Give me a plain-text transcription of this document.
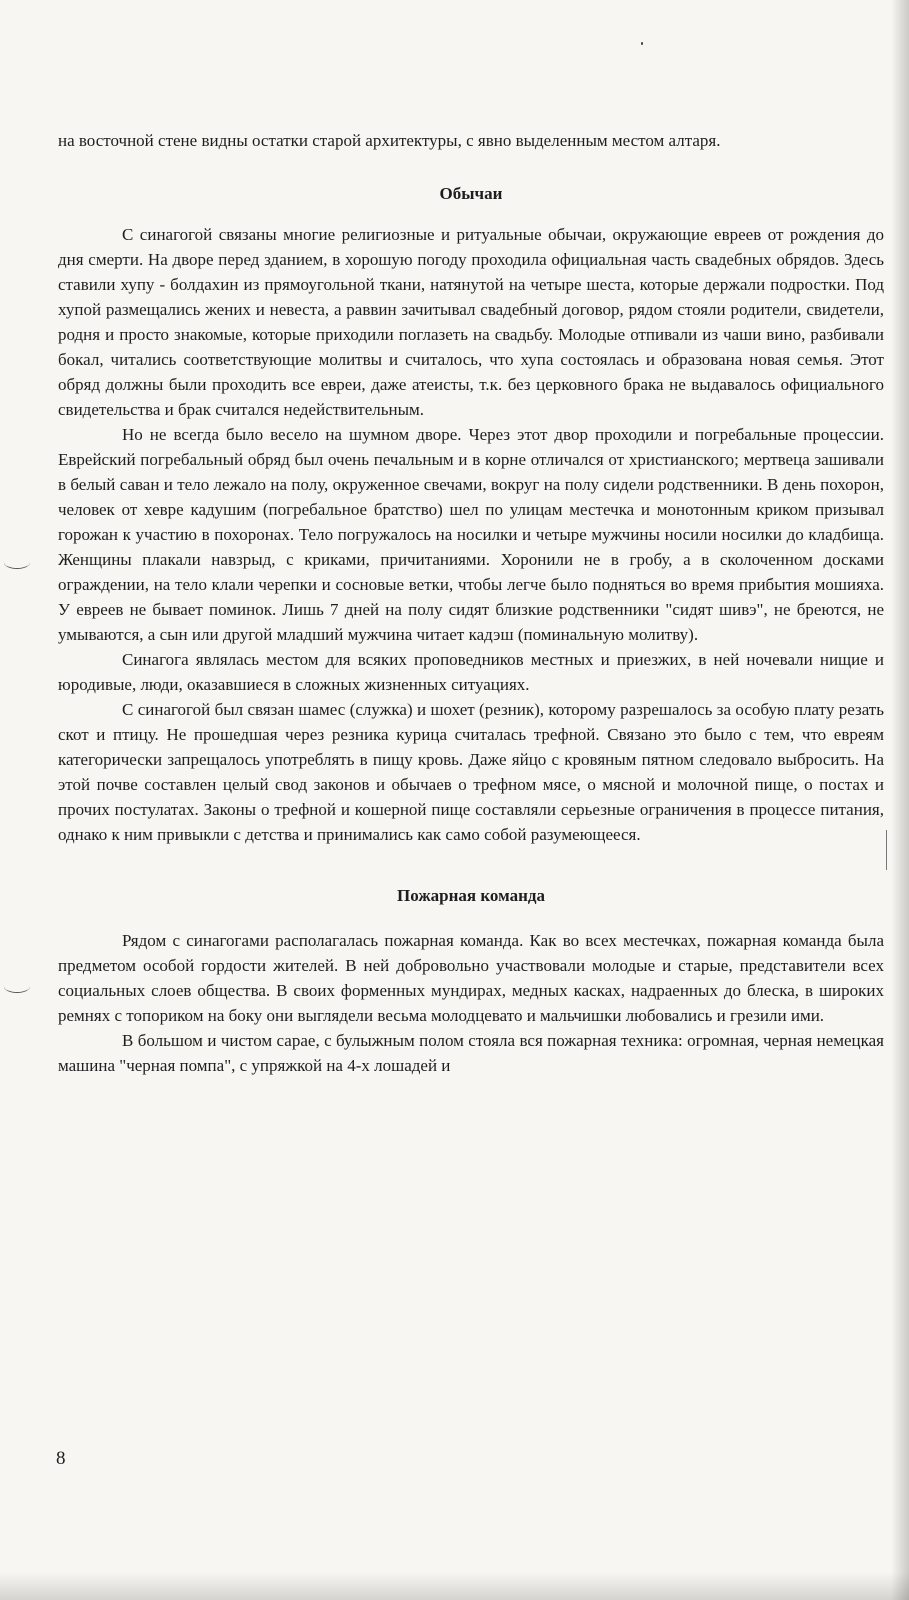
на восточной стене видны остатки старой архитектуры, с явно выделенным местом алтаря.

Обычаи

С синагогой связаны многие религиозные и ритуальные обычаи, окружающие евреев от рождения до дня смерти. На дворе перед зданием, в хорошую погоду проходила официальная часть свадебных обрядов. Здесь ставили хупу - болдахин из прямоугольной ткани, натянутой на четыре шеста, которые держали подростки. Под хупой размещались жених и невеста, а раввин зачитывал свадебный договор, рядом стояли родители, свидетели, родня и просто знакомые, которые приходили поглазеть на свадьбу. Молодые отпивали из чаши вино, разбивали бокал, читались соответствующие молитвы и считалось, что хупа состоялась и образована новая семья. Этот обряд должны были проходить все евреи, даже атеисты, т.к. без церковного брака не выдавалось официального свидетельства и брак считался недействительным.

Но не всегда было весело на шумном дворе. Через этот двор проходили и погребальные процессии. Еврейский погребальный обряд был очень печальным и в корне отличался от христианского; мертвеца зашивали в белый саван и тело лежало на полу, окруженное свечами, вокруг на полу сидели родственники. В день похорон, человек от хевре кадушим (погребальное братство) шел по улицам местечка и монотонным криком призывал горожан к участию в похоронах. Тело погружалось на носилки и четыре мужчины носили носилки до кладбища. Женщины плакали навзрыд, с криками, причитаниями. Хоронили не в гробу, а в сколоченном досками ограждении, на тело клали черепки и сосновые ветки, чтобы легче было подняться во время прибытия мошияха. У евреев не бывает поминок. Лишь 7 дней на полу сидят близкие родственники "сидят шивэ", не бреются, не умываются, а сын или другой младший мужчина читает кадэш (поминальную молитву).

Синагога являлась местом для всяких проповедников местных и приезжих, в ней ночевали нищие и юродивые, люди, оказавшиеся в сложных жизненных ситуациях.

С синагогой был связан шамес (служка) и шохет (резник), которому разрешалось за особую плату резать скот и птицу. Не прошедшая через резника курица считалась трефной. Связано это было с тем, что евреям категорически запрещалось употреблять в пищу кровь. Даже яйцо с кровяным пятном следовало выбросить. На этой почве составлен целый свод законов и обычаев о трефном мясе, о мясной и молочной пище, о постах и прочих постулатах. Законы о трефной и кошерной пище составляли серьезные ограничения в процессе питания, однако к ним привыкли с детства и принимались как само собой разумеющееся.

Пожарная команда

Рядом с синагогами располагалась пожарная команда. Как во всех местечках, пожарная команда была предметом особой гордости жителей. В ней добровольно участвовали молодые и старые, представители всех социальных слоев общества. В своих форменных мундирах, медных касках, надраенных до блеска, в широких ремнях с топориком на боку они выглядели весьма молодцевато и мальчишки любовались и грезили ими.

В большом и чистом сарае, с булыжным полом стояла вся пожарная техника: огромная, черная немецкая машина "черная помпа", с упряжкой на 4-х лошадей и

8
